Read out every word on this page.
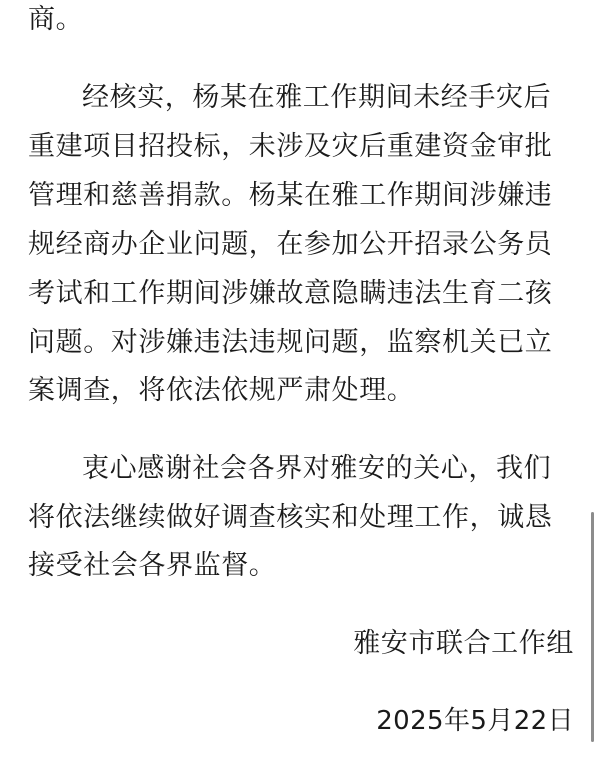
商。
经核实，杨某在雅工作期间未经手灾后
重建项目招投标，未涉及灾后重建资金审批
管理和慈善捐款。杨某在雅工作期间涉嫌违
规经商办企业问题，在参加公开招录公务员
考试和工作期间涉嫌故意隐瞒违法生育二孩
问题。对涉嫌违法违规问题，监察机关已立
案调查，将依法依规严肃处理。
衷心感谢社会各界对雅安的关心，我们
将依法继续做好调查核实和处理工作，诚恳
接受社会各界监督。
雅安市联合工作组
2025年5月22日
